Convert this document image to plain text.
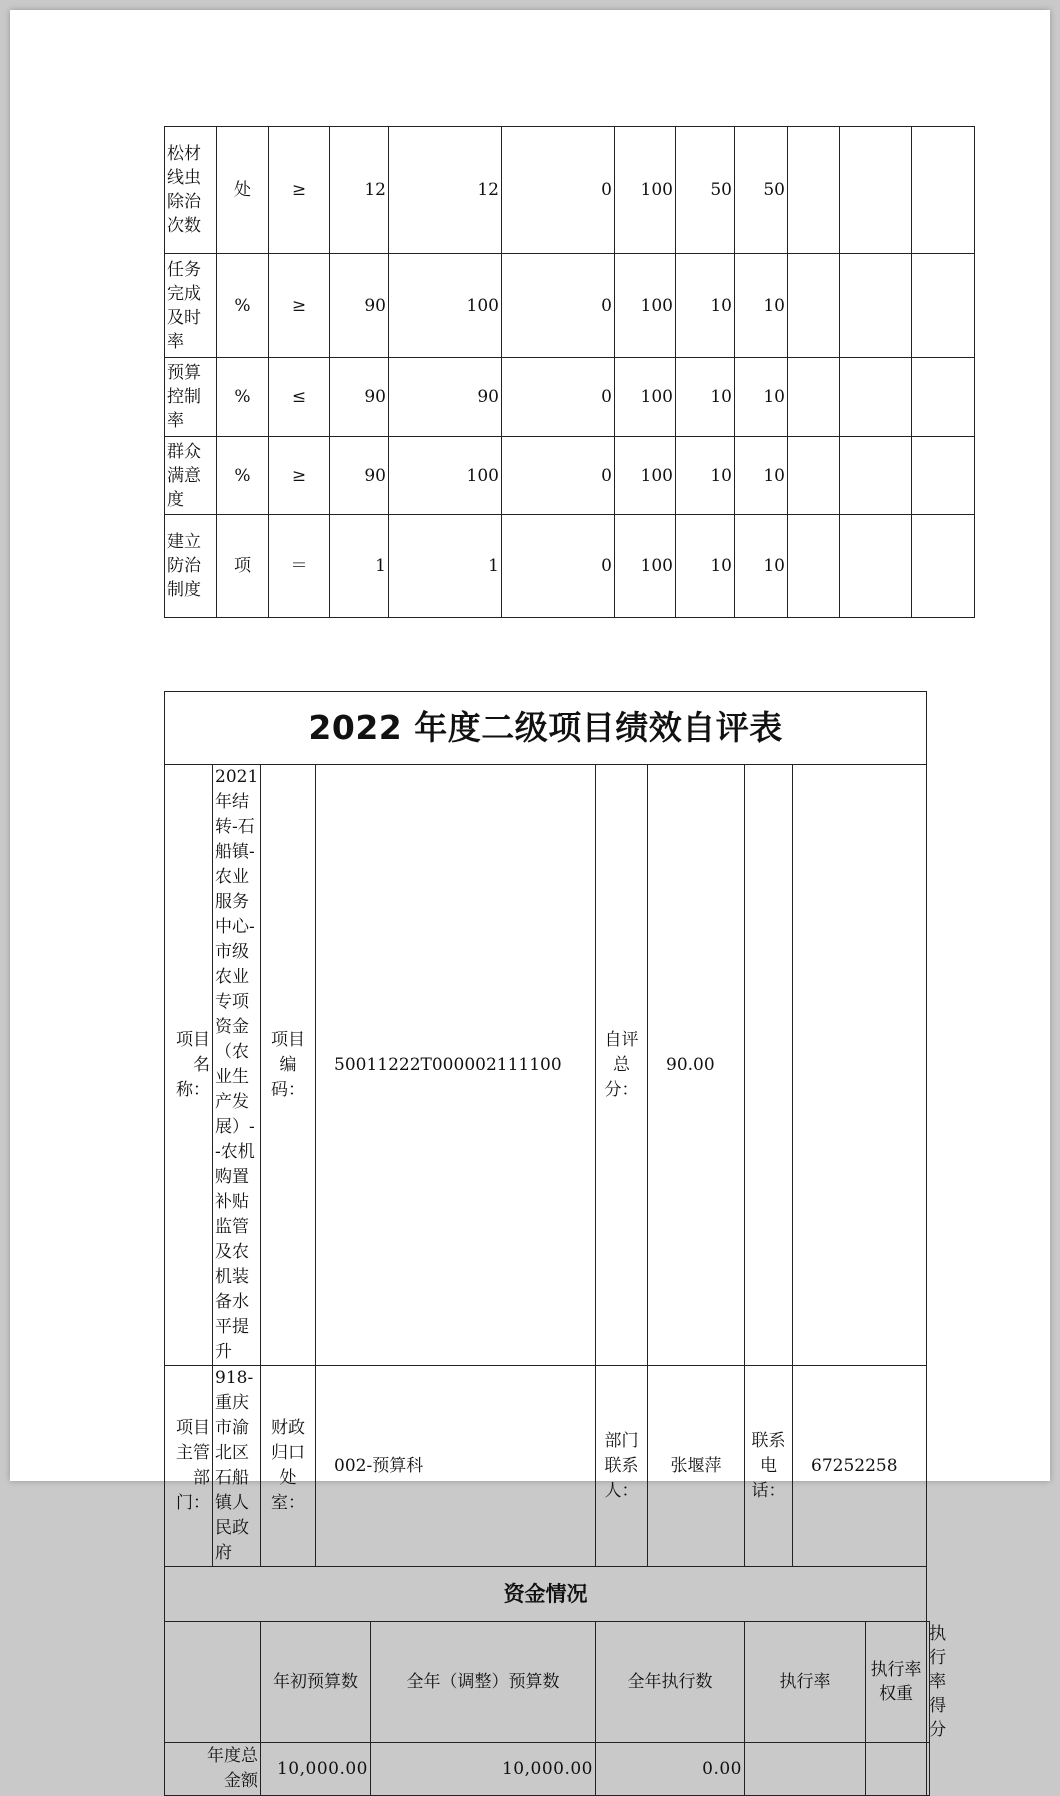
松材线虫除治次数	处	≥	12	12	0	100	50	50			
任务完成及时率	%	≥	90	100	0	100	10	10			
预算控制率	%	≤	90	90	0	100	10	10			
群众满意度	%	≥	90	100	0	100	10	10			
建立防治制度	项	＝	1	1	0	100	10	10			
2022 年度二级项目绩效自评表										
项目名称：	2021 年结转-石船镇-农业服务中心-市级农业专项资金（农业生产发展）--农机购置补贴监管及农机装备水平提升	项目编码：	50011222T000002111100		自评总分：	90.00				
项目主管部门：	918-重庆市渝北区石船镇人民政府	财政归口处室：	002-预算科		部门联系人：	张堰萍	联系电话：	67252258		
资金情况										
		年初预算数		全年（调整）预算数	全年执行数		执行率		执行率权重	执行率得分
年度总金额		10,000.00		10,000.00	0.00					
